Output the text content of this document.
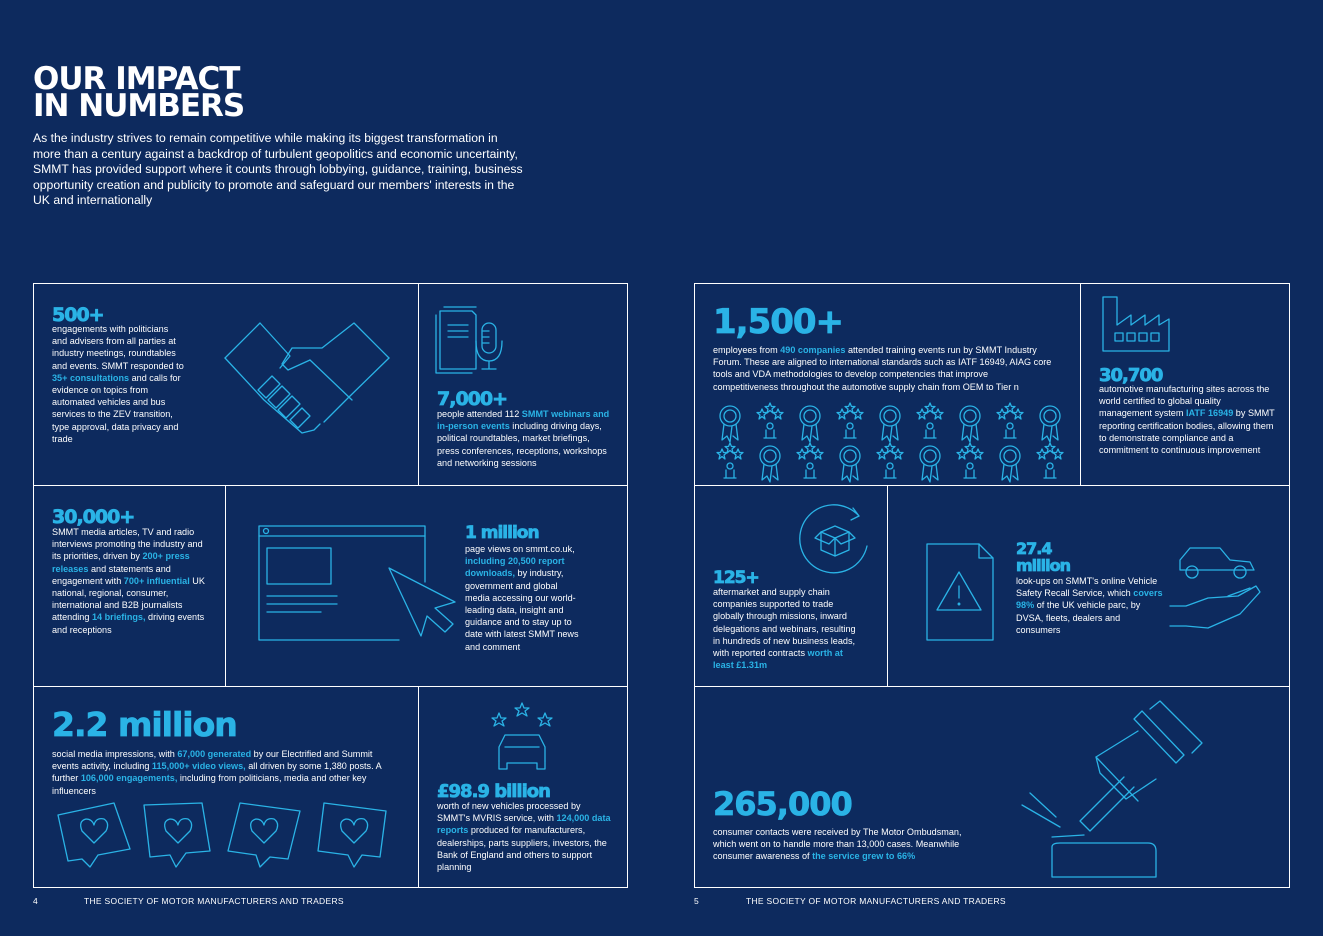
OUR IMPACT
IN NUMBERS
As the industry strives to remain competitive while making its biggest transformation in more than a century against a backdrop of turbulent geopolitics and economic uncertainty, SMMT has provided support where it counts through lobbying, guidance, training, business opportunity creation and publicity to promote and safeguard our members' interests in the UK and internationally
500+
engagements with politicians and advisers from all parties at industry meetings, roundtables and events. SMMT responded to 35+ consultations and calls for evidence on topics from automated vehicles and bus services to the ZEV transition, type approval, data privacy and trade
7,000+
people attended 112 SMMT webinars and in-person events including driving days, political roundtables, market briefings, press conferences, receptions, workshops and networking sessions
30,000+
SMMT media articles, TV and radio interviews promoting the industry and its priorities, driven by 200+ press releases and statements and engagement with 700+ influential UK national, regional, consumer, international and B2B journalists attending 14 briefings, driving events and receptions
1 million
page views on smmt.co.uk, including 20,500 report downloads, by industry, government and global media accessing our world-leading data, insight and guidance and to stay up to date with latest SMMT news and comment
2.2 million
social media impressions, with 67,000 generated by our Electrified and Summit events activity, including 115,000+ video views, all driven by some 1,380 posts. A further 106,000 engagements, including from politicians, media and other key influencers	£98.9 billion
worth of new vehicles processed by SMMT's MVRIS service, with 124,000 data reports produced for manufacturers, dealerships, parts suppliers, investors, the Bank of England and others to support planning
1,500+
employees from 490 companies attended training events run by SMMT Industry Forum. These are aligned to international standards such as IATF 16949, AIAG core tools and VDA methodologies to develop competencies that improve competitiveness throughout the automotive supply chain from OEM to Tier n
30,700
automotive manufacturing sites across the world certified to global quality management system IATF 16949 by SMMT reporting certification bodies, allowing them to demonstrate compliance and a commitment to continuous improvement
125+
aftermarket and supply chain companies supported to trade globally through missions, inward delegations and webinars, resulting in hundreds of new business leads, with reported contracts worth at least £1.31m
27.4
million
look-ups on SMMT's online Vehicle Safety Recall Service, which covers 98% of the UK vehicle parc, by DVSA, fleets, dealers and consumers
265,000
consumer contacts were received by The Motor Ombudsman, which went on to handle more than 13,000 cases. Meanwhile consumer awareness of the service grew to 66%
4	THE SOCIETY OF MOTOR MANUFACTURERS AND TRADERS	5	THE SOCIETY OF MOTOR MANUFACTURERS AND TRADERS
